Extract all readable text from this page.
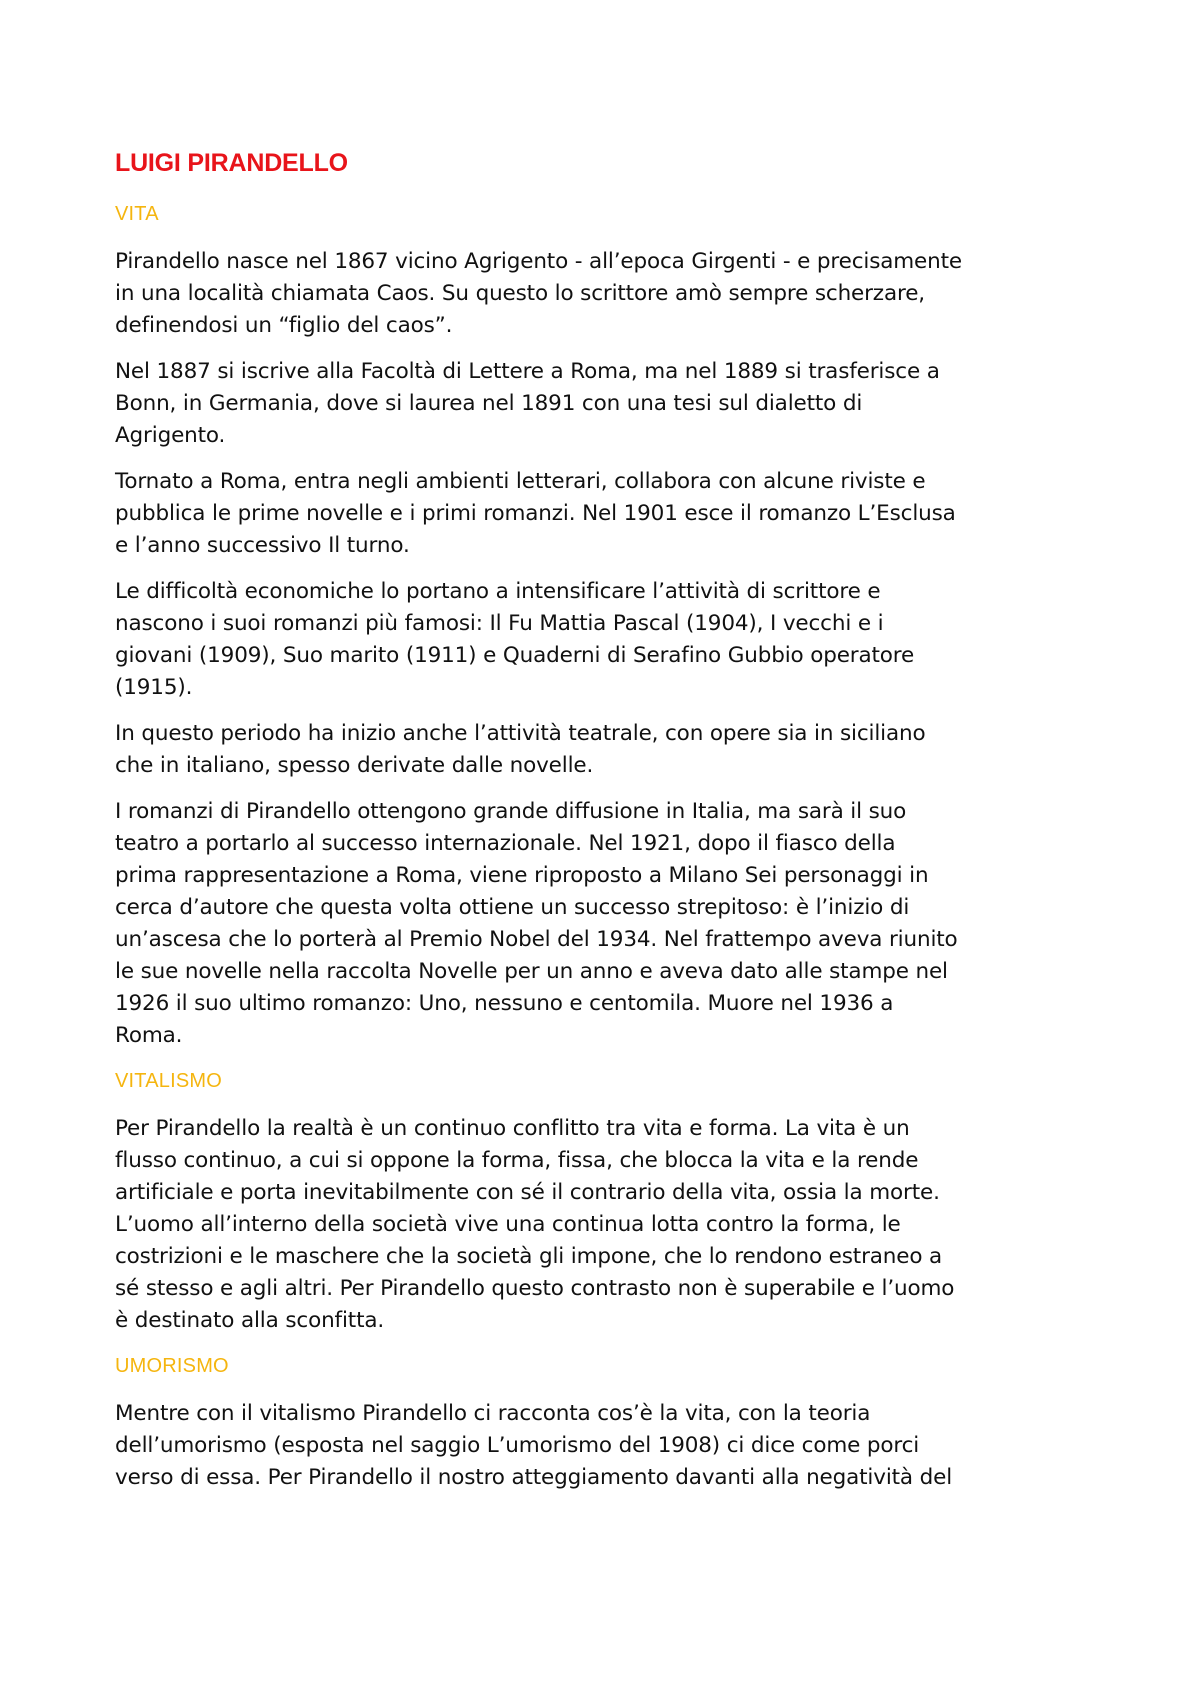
LUIGI PIRANDELLO
VITA

Pirandello nasce nel 1867 vicino Agrigento - all’epoca Girgenti - e precisamente
in una località chiamata Caos. Su questo lo scrittore amò sempre scherzare,
definendosi un “figlio del caos”.

Nel 1887 si iscrive alla Facoltà di Lettere a Roma, ma nel 1889 si trasferisce a
Bonn, in Germania, dove si laurea nel 1891 con una tesi sul dialetto di
Agrigento.

Tornato a Roma, entra negli ambienti letterari, collabora con alcune riviste e
pubblica le prime novelle e i primi romanzi. Nel 1901 esce il romanzo L’Esclusa
e l’anno successivo Il turno.

Le difficoltà economiche lo portano a intensificare l’attività di scrittore e
nascono i suoi romanzi più famosi: Il Fu Mattia Pascal (1904), I vecchi e i
giovani (1909), Suo marito (1911) e Quaderni di Serafino Gubbio operatore
(1915).

In questo periodo ha inizio anche l’attività teatrale, con opere sia in siciliano
che in italiano, spesso derivate dalle novelle.

I romanzi di Pirandello ottengono grande diffusione in Italia, ma sarà il suo
teatro a portarlo al successo internazionale. Nel 1921, dopo il fiasco della
prima rappresentazione a Roma, viene riproposto a Milano Sei personaggi in
cerca d’autore che questa volta ottiene un successo strepitoso: è l’inizio di
un’ascesa che lo porterà al Premio Nobel del 1934. Nel frattempo aveva riunito
le sue novelle nella raccolta Novelle per un anno e aveva dato alle stampe nel
1926 il suo ultimo romanzo: Uno, nessuno e centomila. Muore nel 1936 a
Roma.

VITALISMO

Per Pirandello la realtà è un continuo conflitto tra vita e forma. La vita è un
flusso continuo, a cui si oppone la forma, fissa, che blocca la vita e la rende
artificiale e porta inevitabilmente con sé il contrario della vita, ossia la morte.
L’uomo all’interno della società vive una continua lotta contro la forma, le
costrizioni e le maschere che la società gli impone, che lo rendono estraneo a
sé stesso e agli altri. Per Pirandello questo contrasto non è superabile e l’uomo
è destinato alla sconfitta.

UMORISMO

Mentre con il vitalismo Pirandello ci racconta cos’è la vita, con la teoria
dell’umorismo (esposta nel saggio L’umorismo del 1908) ci dice come porci
verso di essa. Per Pirandello il nostro atteggiamento davanti alla negatività del
